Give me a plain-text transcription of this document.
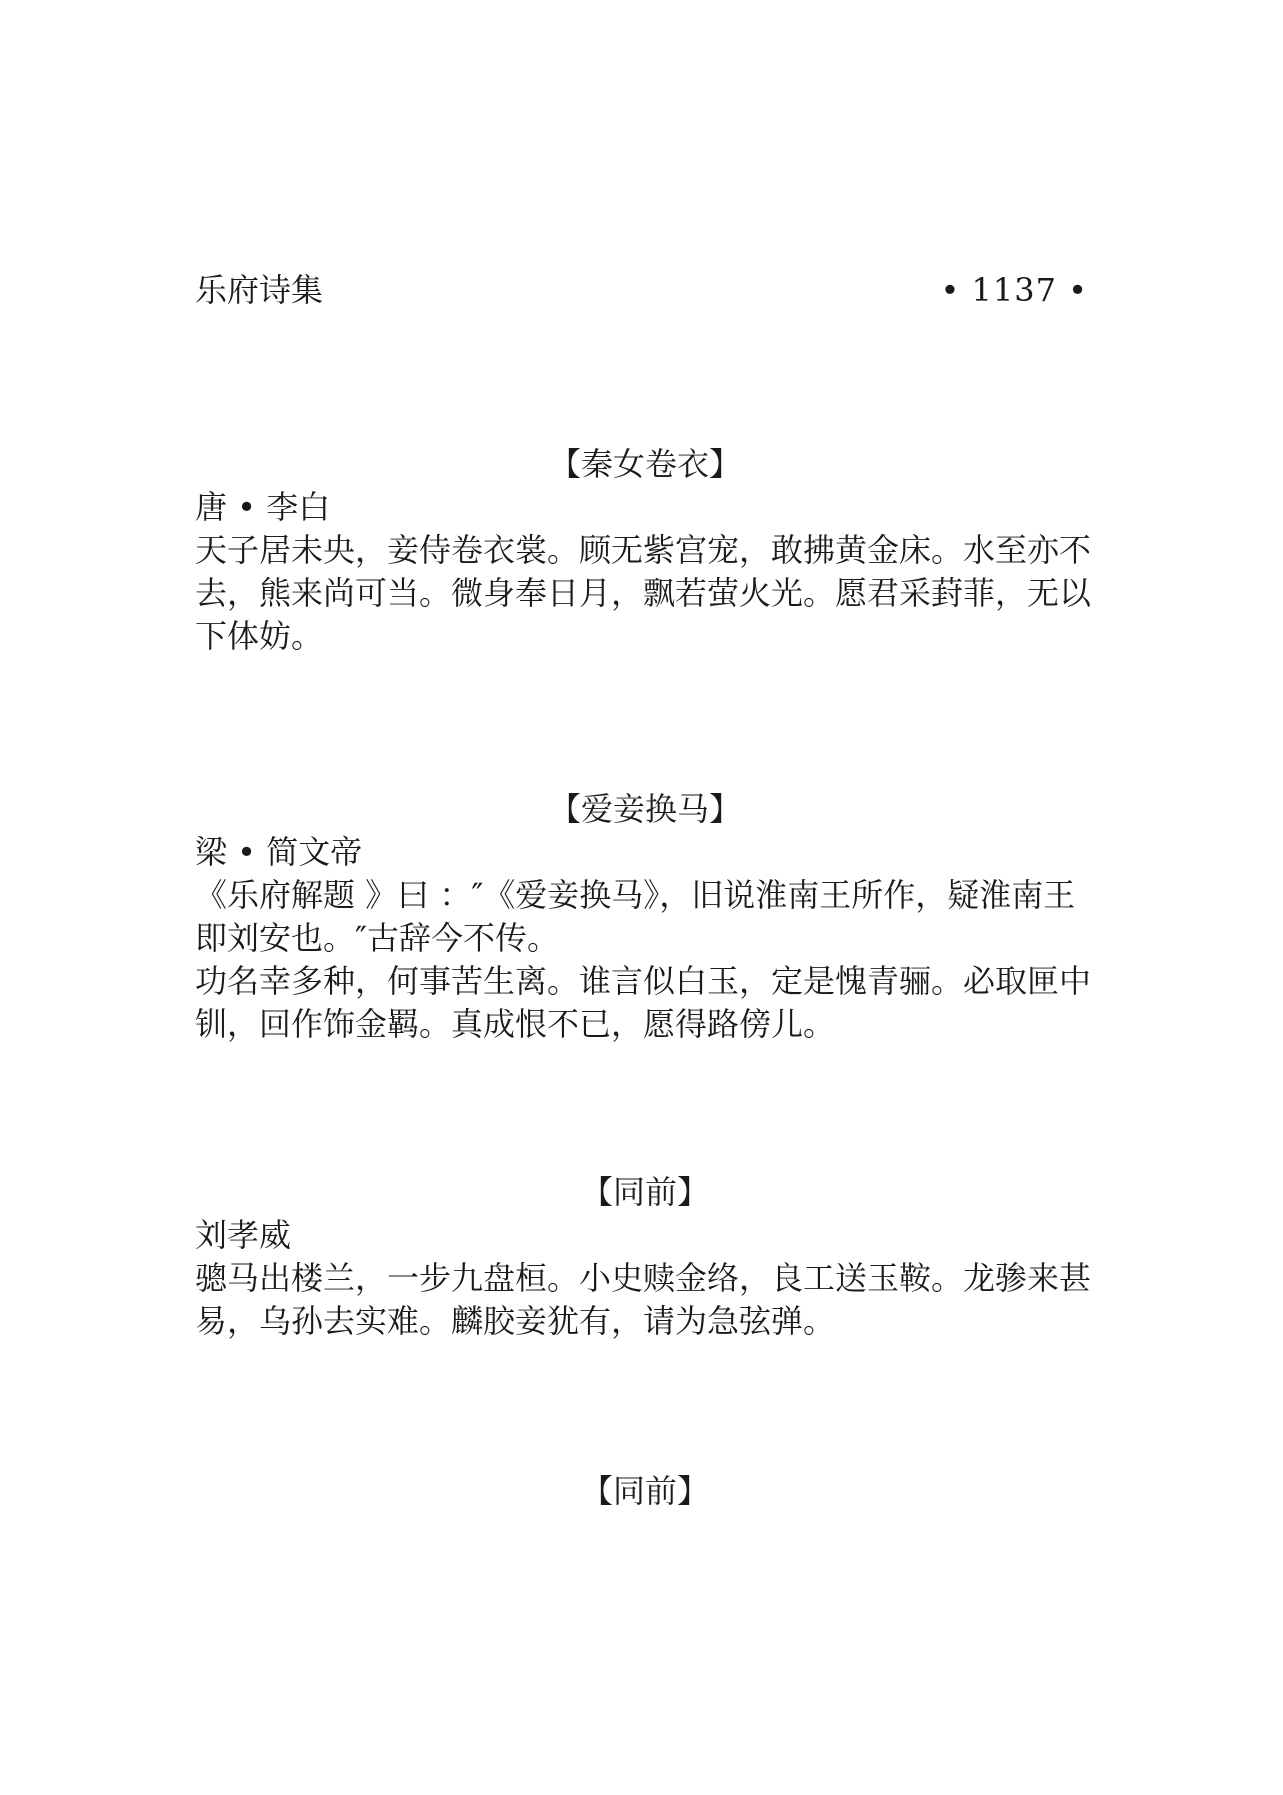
乐府诗集	• 1137 •
【秦女卷衣】
唐 • 李白

天子居未央，妾侍卷衣裳。顾无紫宫宠，敢拂黄金床。水至亦不去，熊来尚可当。微身奉日月，飘若萤火光。愿君采葑菲，无以下体妨。

【爱妾换马】
梁 • 简文帝

《乐府解题 》曰 ：″《爱妾换马》，旧说淮南王所作，疑淮南王即刘安也。″古辞今不传。

功名幸多种，何事苦生离。谁言似白玉，定是愧青骊。必取匣中钏，回作饰金羁。真成恨不已，愿得路傍儿。

【同前】
刘孝威

骢马出楼兰，一步九盘桓。小史赎金络，良工送玉鞍。龙骖来甚易，乌孙去实难。麟胶妾犹有，请为急弦弹。

【同前】
